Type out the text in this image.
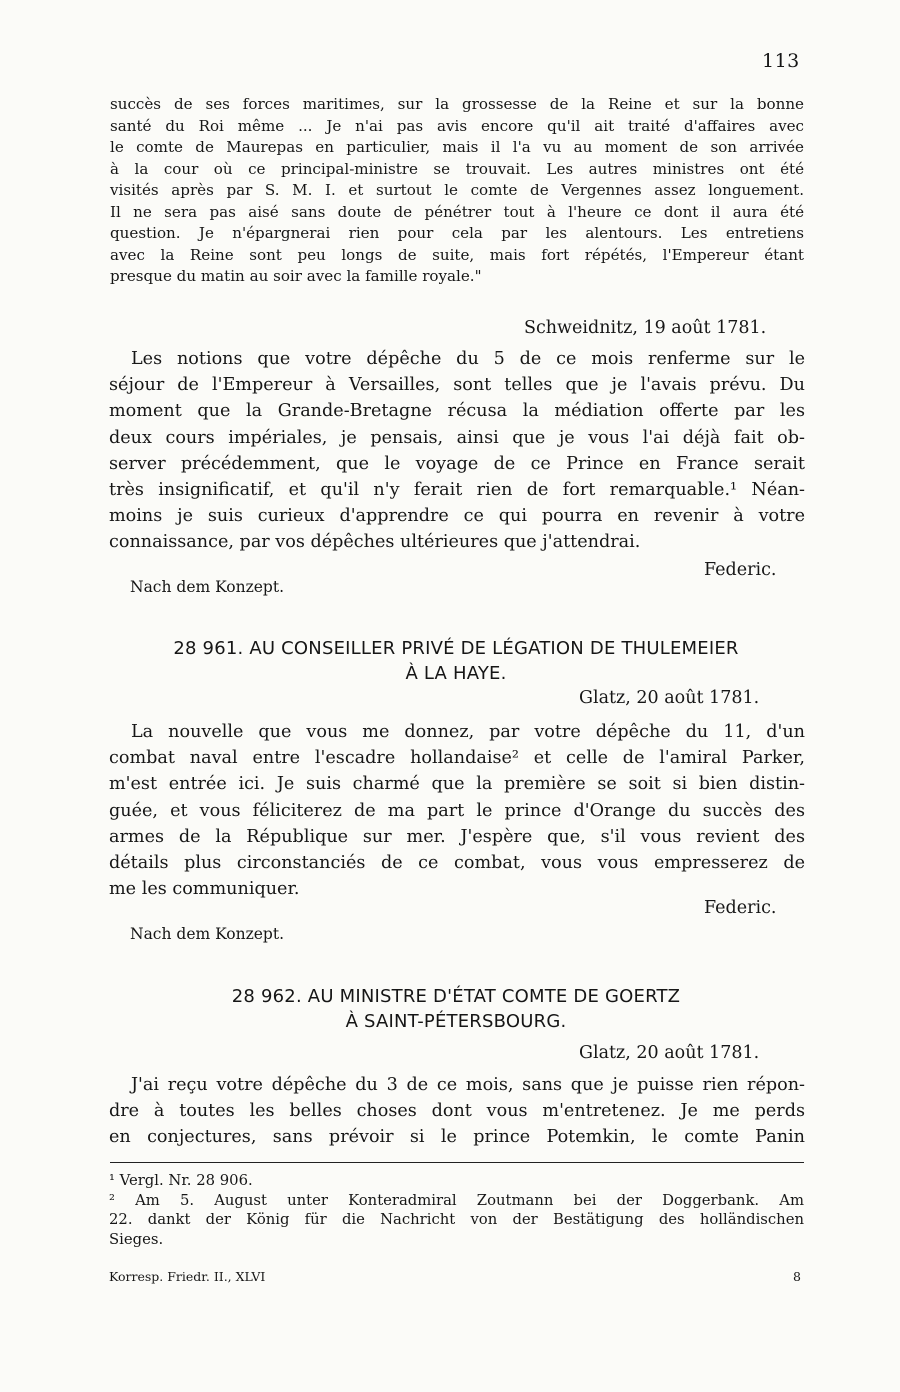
113
succès de ses forces maritimes, sur la grossesse de la Reine et sur la bonne
santé du Roi même ... Je n'ai pas avis encore qu'il ait traité d'affaires avec
le comte de Maurepas en particulier, mais il l'a vu au moment de son arrivée
à la cour où ce principal-ministre se trouvait. Les autres ministres ont été
visités après par S. M. I. et surtout le comte de Vergennes assez longuement.
Il ne sera pas aisé sans doute de pénétrer tout à l'heure ce dont il aura été
question. Je n'épargnerai rien pour cela par les alentours. Les entretiens
avec la Reine sont peu longs de suite, mais fort répétés, l'Empereur étant
presque du matin au soir avec la famille royale."
Schweidnitz, 19 août 1781.
Les notions que votre dépêche du 5 de ce mois renferme sur le
séjour de l'Empereur à Versailles, sont telles que je l'avais prévu. Du
moment que la Grande-Bretagne récusa la médiation offerte par les
deux cours impériales, je pensais, ainsi que je vous l'ai déjà fait ob-
server précédemment, que le voyage de ce Prince en France serait
très insignificatif, et qu'il n'y ferait rien de fort remarquable.¹ Néan-
moins je suis curieux d'apprendre ce qui pourra en revenir à votre
connaissance, par vos dépêches ultérieures que j'attendrai.
Federic.
Nach dem Konzept.
28 961. AU CONSEILLER PRIVÉ DE LÉGATION DE THULEMEIER
À LA HAYE.
Glatz, 20 août 1781.
La nouvelle que vous me donnez, par votre dépêche du 11, d'un
combat naval entre l'escadre hollandaise² et celle de l'amiral Parker,
m'est entrée ici. Je suis charmé que la première se soit si bien distin-
guée, et vous féliciterez de ma part le prince d'Orange du succès des
armes de la République sur mer. J'espère que, s'il vous revient des
détails plus circonstanciés de ce combat, vous vous empresserez de
me les communiquer.
Federic.
Nach dem Konzept.
28 962. AU MINISTRE D'ÉTAT COMTE DE GOERTZ
À SAINT-PÉTERSBOURG.
Glatz, 20 août 1781.
J'ai reçu votre dépêche du 3 de ce mois, sans que je puisse rien répon-
dre à toutes les belles choses dont vous m'entretenez. Je me perds
en conjectures, sans prévoir si le prince Potemkin, le comte Panin
¹ Vergl. Nr. 28 906.
² Am 5. August unter Konteradmiral Zoutmann bei der Doggerbank. Am
22. dankt der König für die Nachricht von der Bestätigung des holländischen
Sieges.
Korresp. Friedr. II., XLVI	8
